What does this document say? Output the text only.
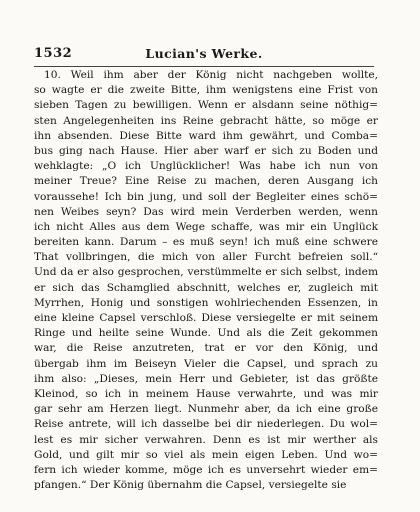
Lucian's Werke.
1532
10. Weil ihm aber der König nicht nachgeben wollte,
so wagte er die zweite Bitte, ihm wenigstens eine Frist von
sieben Tagen zu bewilligen. Wenn er alsdann seine nöthig=
sten Angelegenheiten ins Reine gebracht hätte, so möge er
ihn absenden. Diese Bitte ward ihm gewährt, und Comba=
bus ging nach Hause. Hier aber warf er sich zu Boden und
wehklagte: „O ich Unglücklicher! Was habe ich nun von
meiner Treue? Eine Reise zu machen, deren Ausgang ich
voraussehe! Ich bin jung, und soll der Begleiter eines schö=
nen Weibes seyn? Das wird mein Verderben werden, wenn
ich nicht Alles aus dem Wege schaffe, was mir ein Unglück
bereiten kann. Darum – es muß seyn! ich muß eine schwere
That vollbringen, die mich von aller Furcht befreien soll.“
Und da er also gesprochen, verstümmelte er sich selbst, indem
er sich das Schamglied abschnitt, welches er, zugleich mit
Myrrhen, Honig und sonstigen wohlriechenden Essenzen, in
eine kleine Capsel verschloß. Diese versiegelte er mit seinem
Ringe und heilte seine Wunde. Und als die Zeit gekommen
war, die Reise anzutreten, trat er vor den König, und
übergab ihm im Beiseyn Vieler die Capsel, und sprach zu
ihm also: „Dieses, mein Herr und Gebieter, ist das größte
Kleinod, so ich in meinem Hause verwahrte, und was mir
gar sehr am Herzen liegt. Nunmehr aber, da ich eine große
Reise antrete, will ich dasselbe bei dir niederlegen. Du wol=
lest es mir sicher verwahren. Denn es ist mir werther als
Gold, und gilt mir so viel als mein eigen Leben. Und wo=
fern ich wieder komme, möge ich es unversehrt wieder em=
pfangen.“ Der König übernahm die Capsel, versiegelte sie
